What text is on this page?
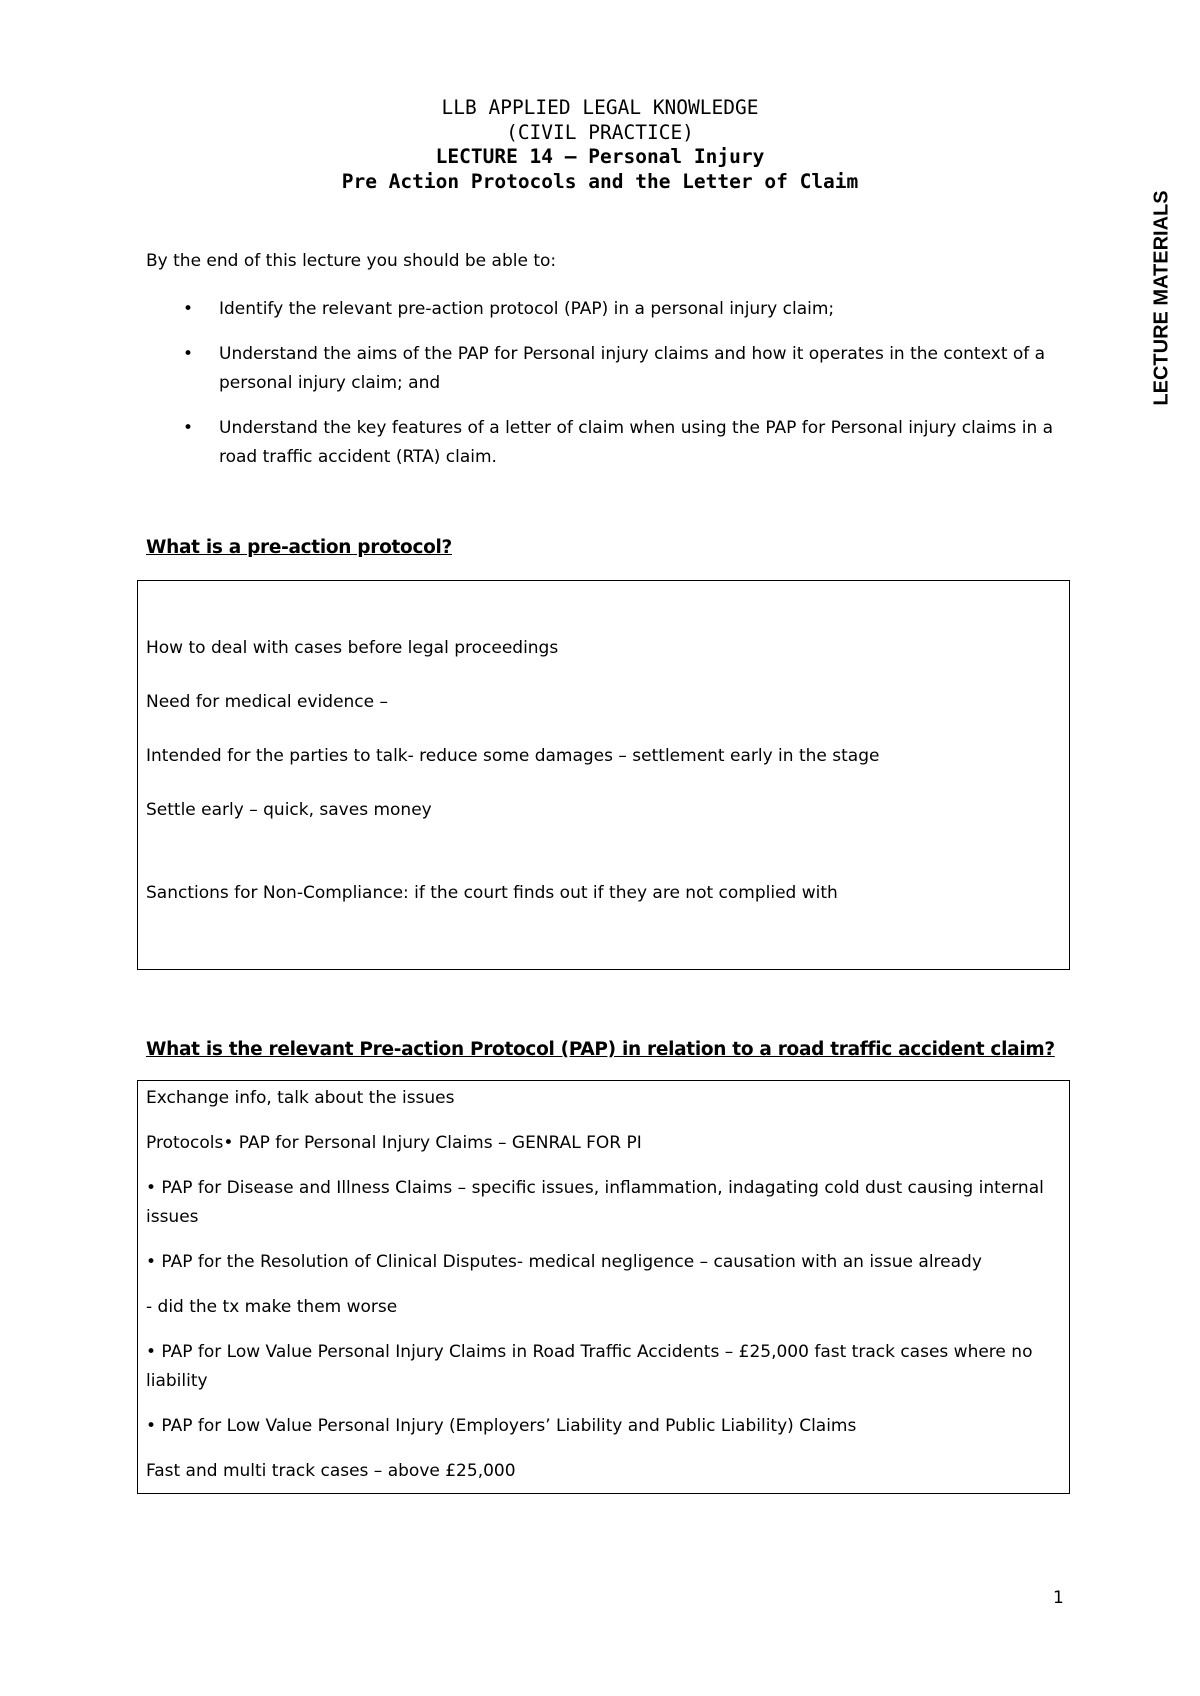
LLB APPLIED LEGAL KNOWLEDGE
(CIVIL PRACTICE)
LECTURE 14 – Personal Injury
Pre Action Protocols and the Letter of Claim
LECTURE MATERIALS
By the end of this lecture you should be able to:
• Identify the relevant pre-action protocol (PAP) in a personal injury claim;
• Understand the aims of the PAP for Personal injury claims and how it operates in the context of a personal injury claim; and
• Understand the key features of a letter of claim when using the PAP for Personal injury claims in a road traffic accident (RTA) claim.
What is a pre-action protocol?

How to deal with cases before legal proceedings

Need for medical evidence –

Intended for the parties to talk- reduce some damages – settlement early in the stage

Settle early – quick, saves money

Sanctions for Non-Compliance: if the court finds out if they are not complied with

What is the relevant Pre-action Protocol (PAP) in relation to a road traffic accident claim?

Exchange info, talk about the issues

Protocols• PAP for Personal Injury Claims – GENRAL FOR PI

• PAP for Disease and Illness Claims – specific issues, inflammation, indagating cold dust causing internal issues

• PAP for the Resolution of Clinical Disputes- medical negligence – causation with an issue already

- did the tx make them worse

• PAP for Low Value Personal Injury Claims in Road Traffic Accidents – £25,000 fast track cases where no liability

• PAP for Low Value Personal Injury (Employers’ Liability and Public Liability) Claims

Fast and multi track cases – above £25,000

1
